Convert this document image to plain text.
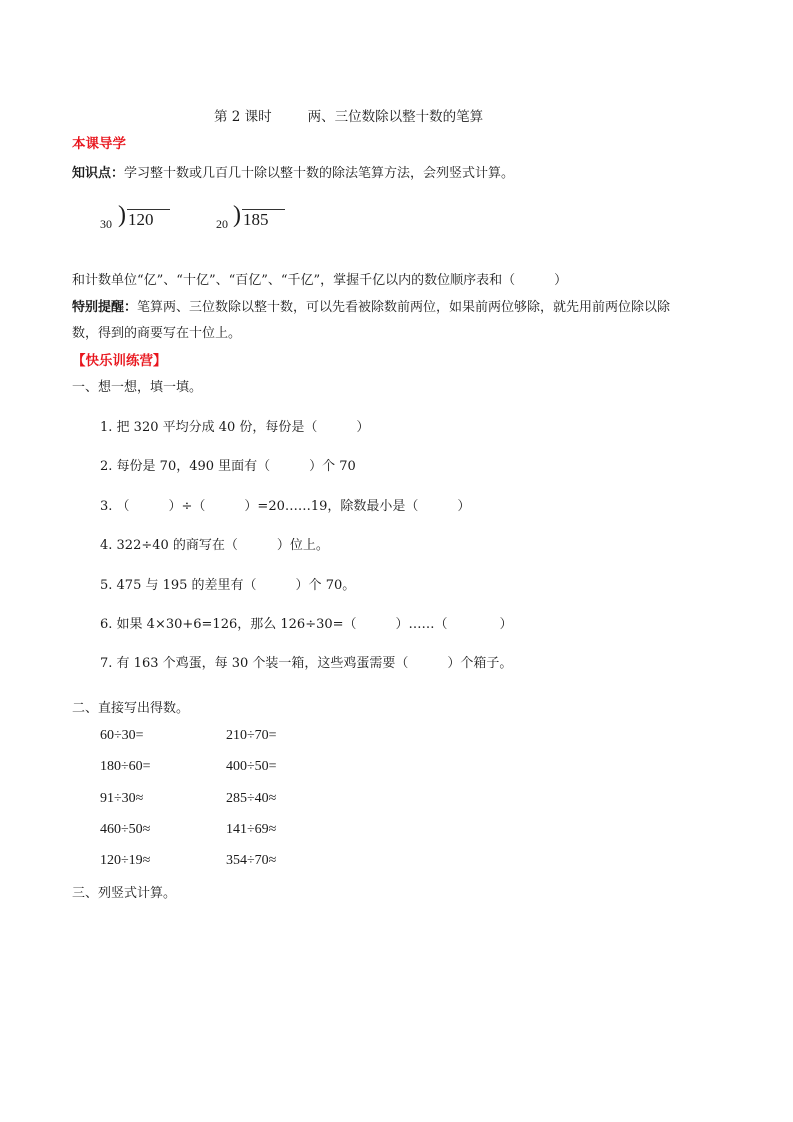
第 2 课时	两、三位数除以整十数的笔算
本课导学
知识点：学习整十数或几百几十除以整十数的除法笔算方法，会列竖式计算。
30 ) 120	20 ) 185
和计数单位“亿”、“十亿”、“百亿”、“千亿”，掌握千亿以内的数位顺序表和（　　　）
特别提醒：笔算两、三位数除以整十数，可以先看被除数前两位，如果前两位够除，就先用前两位除以除
数，得到的商要写在十位上。
【快乐训练营】
一、想一想，填一填。
1. 把 320 平均分成 40 份，每份是（　　　）
2. 每份是 70，490 里面有（　　　）个 70
3. （　　　）÷（　　　）=20……19，除数最小是（　　　）
4. 322÷40 的商写在（　　　）位上。
5. 475 与 195 的差里有（　　　）个 70。
6. 如果 4×30+6=126，那么 126÷30=（　　　）……（　　　　）
7. 有 163 个鸡蛋，每 30 个装一箱，这些鸡蛋需要（　　　）个箱子。
二、直接写出得数。
60÷30=	210÷70=
180÷60=	400÷50=
91÷30≈	285÷40≈
460÷50≈	141÷69≈
120÷19≈	354÷70≈
三、列竖式计算。
